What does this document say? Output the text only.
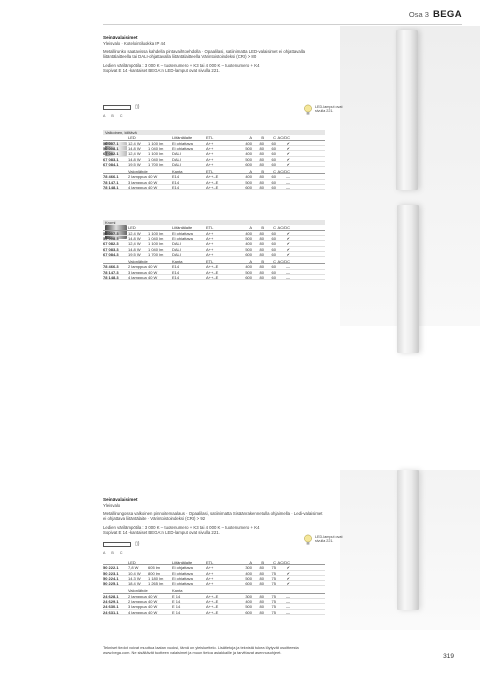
Osa 3 BEGA
Seinävalaisimet
Yleisvalo · Kotelointiluokka IP 44
Metallirunko saatavissa kahdella pintavaihtoehdolla · Opaalilasi, satiinimatta LED-valaisimet ei ohjattavalla liitäntälaitteella tai DALI-ohjattavalla liitäntälaitteella Värintoistoindeksi (CRI) > 80
Ledien värilämpötila : 3 000 K – tuotenumero + K3 tai 4 000 K – tuotenumero + K4
Sopivat E 14 -kantaiset BEGA:n LED-lamput ovat sivulla 221.
▯)
A B C
LED-lamput ovat sivulla 221.
Valkoinen, kiiltävä
LED	Liitäntälaite	ETL	A	B	C AC/DC
50 007.1	12,4 W	1 100 lm	Ei ohjattava	A++	400	80	60	✔
50 008.1	14,8 W	1 040 lm	Ei ohjattava	A++	500	80	60	✔
67 082.1	12,4 W	1 100 lm	DALI	A++	400	80	60	✔
67 083.1	14,8 W	1 040 lm	DALI	A++	500	80	60	✔
67 084.1	19,5 W	1 700 lm	DALI	A++	600	80	60	✔
Valonlähde	Kanta	ETL	A	B	C AC/DC
78 466.1	2 lamppua 40 W	E14	A++–E	400	80	60	—
78 147.1	3 lamppua 40 W	E14	A++–E	500	80	60	—
78 148.1	4 lamppua 40 W	E14	A++–E	600	80	60	—
Kromi
LED	Liitäntälaite	ETL	A	B	C AC/DC
50 007.3	12,4 W	1 100 lm	Ei ohjattava	A++	400	80	60	✔
50 008.3	14,8 W	1 040 lm	Ei ohjattava	A++	500	80	60	✔
67 082.3	12,4 W	1 100 lm	DALI	A++	400	80	60	✔
67 083.3	14,8 W	1 040 lm	DALI	A++	500	80	60	✔
67 084.3	19,5 W	1 700 lm	DALI	A++	600	80	60	✔
Valonlähde	Kanta	ETL	A	B	C AC/DC
78 466.3	2 lamppua 40 W	E14	A++–E	400	80	60	—
78 147.3	3 lamppua 40 W	E14	A++–E	500	80	60	—
78 148.3	4 lamppua 40 W	E14	A++–E	600	80	60	—
Seinävalaisimet
Yleisvalo
Metallirungossa valkoinen pinnoitemaalaus · Opaalilasi, satiinimatta Sisäänrakennetulla ohjaimella · Ledi-valaisimet ei ohjattava liitäntälaite · Värintoistoindeksi (CRI) > 92
Ledien värilämpötila : 3 000 K – tuotenumero + K3 tai 4 000 K – tuotenumero + K4
Sopivat E 14 -kantaiset BEGA:n LED-lamput ovat sivulla 221.
▯)
A B C
LED-lamput ovat sivulla 221.
LED	Liitäntälaite	ETL	A	B	C AC/DC
50 222.1	7,8 W	605 lm	Ei ohjattava	A++	300	80	75	✔
50 223.1	10,4 W	800 lm	Ei ohjattava	A++	400	80	75	✔
50 224.1	14,3 W	1 180 lm	Ei ohjattava	A++	500	80	75	✔
50 225.1	18,4 W	1 265 lm	Ei ohjattava	A++	600	80	75	✔
Valonlähde	Kanta
24 628.1	2 lamppua 40 W	E 14	A++–E	300	80	75	—
24 629.1	2 lamppua 40 W	E 14	A++–E	400	80	75	—
24 630.1	3 lamppua 40 W	E 14	A++–E	500	80	75	—
24 631.1	4 lamppua 40 W	E 14	A++–E	600	80	75	—
Tekniset tiedot voivat muuttua laatan vuoksi, tämä on yleisluettelo. Lisätietoja ja teknistä tukea löytyvät osoitteesta www.bega.com. Ne sisältävät tuotteen valaisimet ja muun tietoa asiakkaille ja tarvittavat asennusohjeet.
319
